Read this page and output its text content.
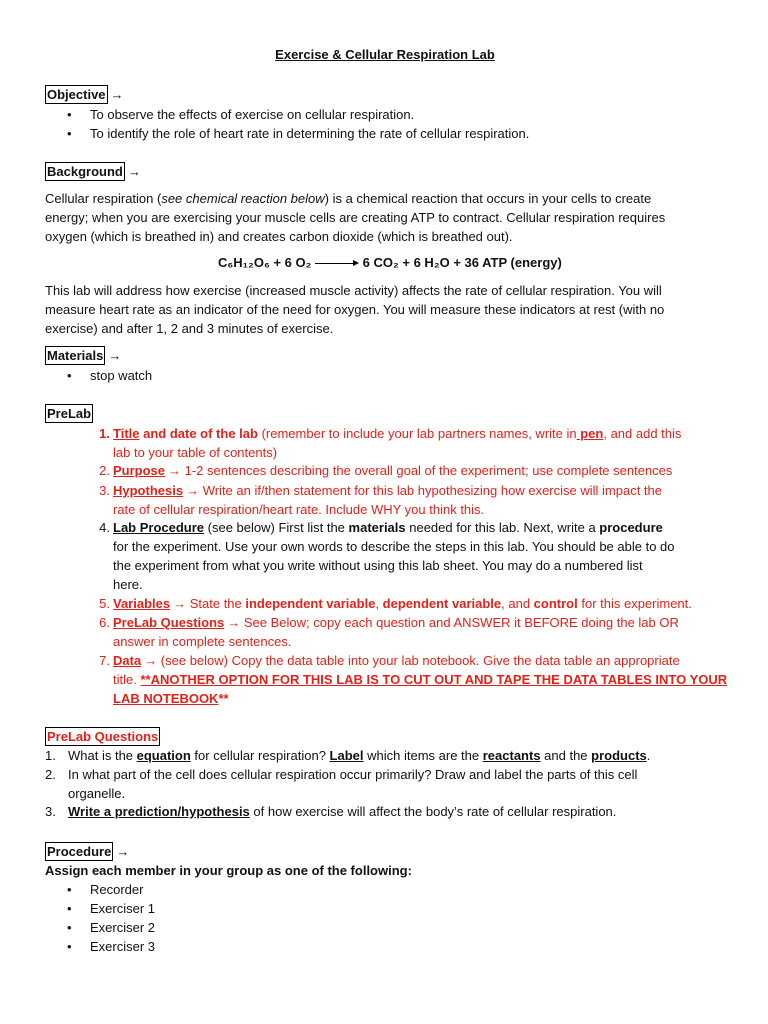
Exercise & Cellular Respiration Lab
Objective →
• To observe the effects of exercise on cellular respiration.
• To identify the role of heart rate in determining the rate of cellular respiration.
Background →
Cellular respiration (see chemical reaction below) is a chemical reaction that occurs in your cells to create
energy; when you are exercising your muscle cells are creating ATP to contract. Cellular respiration requires
oxygen (which is breathed in) and creates carbon dioxide (which is breathed out).
C₆H₁₂O₆ + 6 O₂	6 CO₂ + 6 H₂O + 36 ATP (energy)
This lab will address how exercise (increased muscle activity) affects the rate of cellular respiration. You will
measure heart rate as an indicator of the need for oxygen. You will measure these indicators at rest (with no
exercise) and after 1, 2 and 3 minutes of exercise.
Materials →
• stop watch
PreLab
1. Title and date of the lab (remember to include your lab partners names, write in pen, and add this
lab to your table of contents)
2. Purpose → 1-2 sentences describing the overall goal of the experiment; use complete sentences
3. Hypothesis → Write an if/then statement for this lab hypothesizing how exercise will impact the
rate of cellular respiration/heart rate. Include WHY you think this.
4. Lab Procedure (see below) First list the materials needed for this lab. Next, write a procedure
for the experiment. Use your own words to describe the steps in this lab. You should be able to do
the experiment from what you write without using this lab sheet. You may do a numbered list
here.
5. Variables → State the independent variable, dependent variable, and control for this experiment.
6. PreLab Questions → See Below; copy each question and ANSWER it BEFORE doing the lab OR
answer in complete sentences.
7. Data → (see below) Copy the data table into your lab notebook. Give the data table an appropriate
title. **ANOTHER OPTION FOR THIS LAB IS TO CUT OUT AND TAPE THE DATA TABLES INTO YOUR
LAB NOTEBOOK**
PreLab Questions
1. What is the equation for cellular respiration? Label which items are the reactants and the products.
2. In what part of the cell does cellular respiration occur primarily? Draw and label the parts of this cell
organelle.
3. Write a prediction/hypothesis of how exercise will affect the body’s rate of cellular respiration.
Procedure →
Assign each member in your group as one of the following:
• Recorder
• Exerciser 1
• Exerciser 2
• Exerciser 3
